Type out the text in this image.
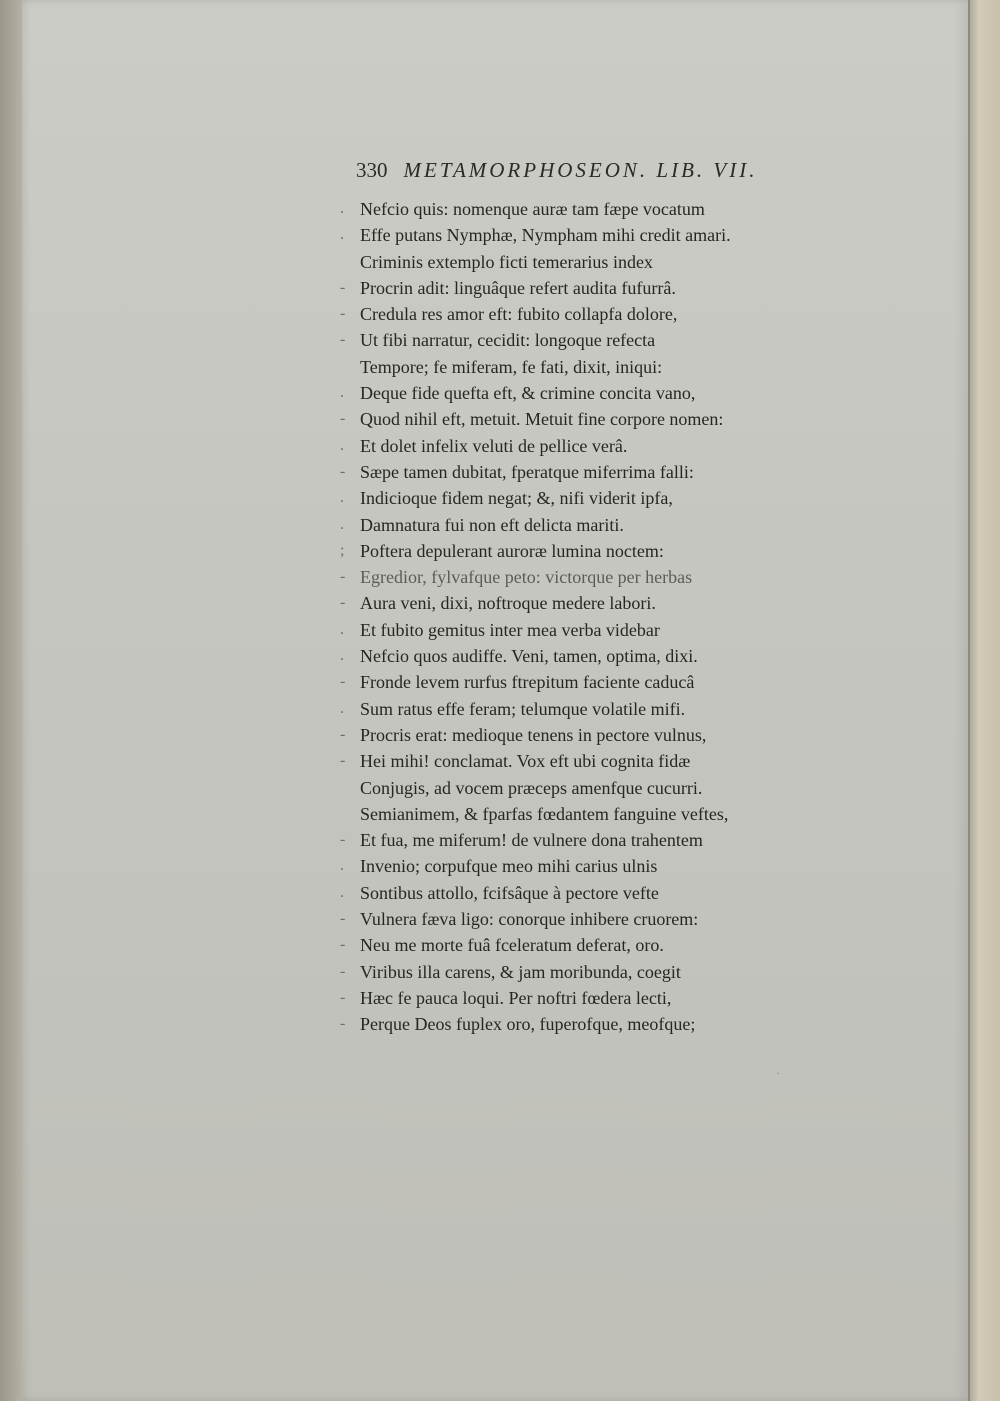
330 METAMORPHOSEON. LIB. VII.
.
.
-
-
-
.
-
.
-
.
.
;
-
-
.
.
-
.
-
-
-
.
.
-
-
-
-
-
Nefcio quis: nomenque auræ tam fæpe vocatum
Effe putans Nymphæ, Nympham mihi credit amari.
Criminis extemplo ficti temerarius index
Procrin adit: linguâque refert audita fufurrâ.
Credula res amor eft: fubito collapfa dolore,
Ut fibi narratur, cecidit: longoque refecta
Tempore; fe miferam, fe fati, dixit, iniqui:
Deque fide quefta eft, & crimine concita vano,
Quod nihil eft, metuit. Metuit fine corpore nomen:
Et dolet infelix veluti de pellice verâ.
Sæpe tamen dubitat, fperatque miferrima falli:
Indicioque fidem negat; &, nifi viderit ipfa,
Damnatura fui non eft delicta mariti.
Poftera depulerant auroræ lumina noctem:
Egredior, fylvafque peto: victorque per herbas
Aura veni, dixi, noftroque medere labori.
Et fubito gemitus inter mea verba videbar
Nefcio quos audiffe. Veni, tamen, optima, dixi.
Fronde levem rurfus ftrepitum faciente caducâ
Sum ratus effe feram; telumque volatile mifi.
Procris erat: medioque tenens in pectore vulnus,
Hei mihi! conclamat. Vox eft ubi cognita fidæ
Conjugis, ad vocem præceps amenfque cucurri.
Semianimem, & fparfas fœdantem fanguine veftes,
Et fua, me miferum! de vulnere dona trahentem
Invenio; corpufque meo mihi carius ulnis
Sontibus attollo, fcifsâque à pectore vefte
Vulnera fæva ligo: conorque inhibere cruorem:
Neu me morte fuâ fceleratum deferat, oro.
Viribus illa carens, & jam moribunda, coegit
Hæc fe pauca loqui. Per noftri fœdera lecti,
Perque Deos fuplex oro, fuperofque, meofque;
·
